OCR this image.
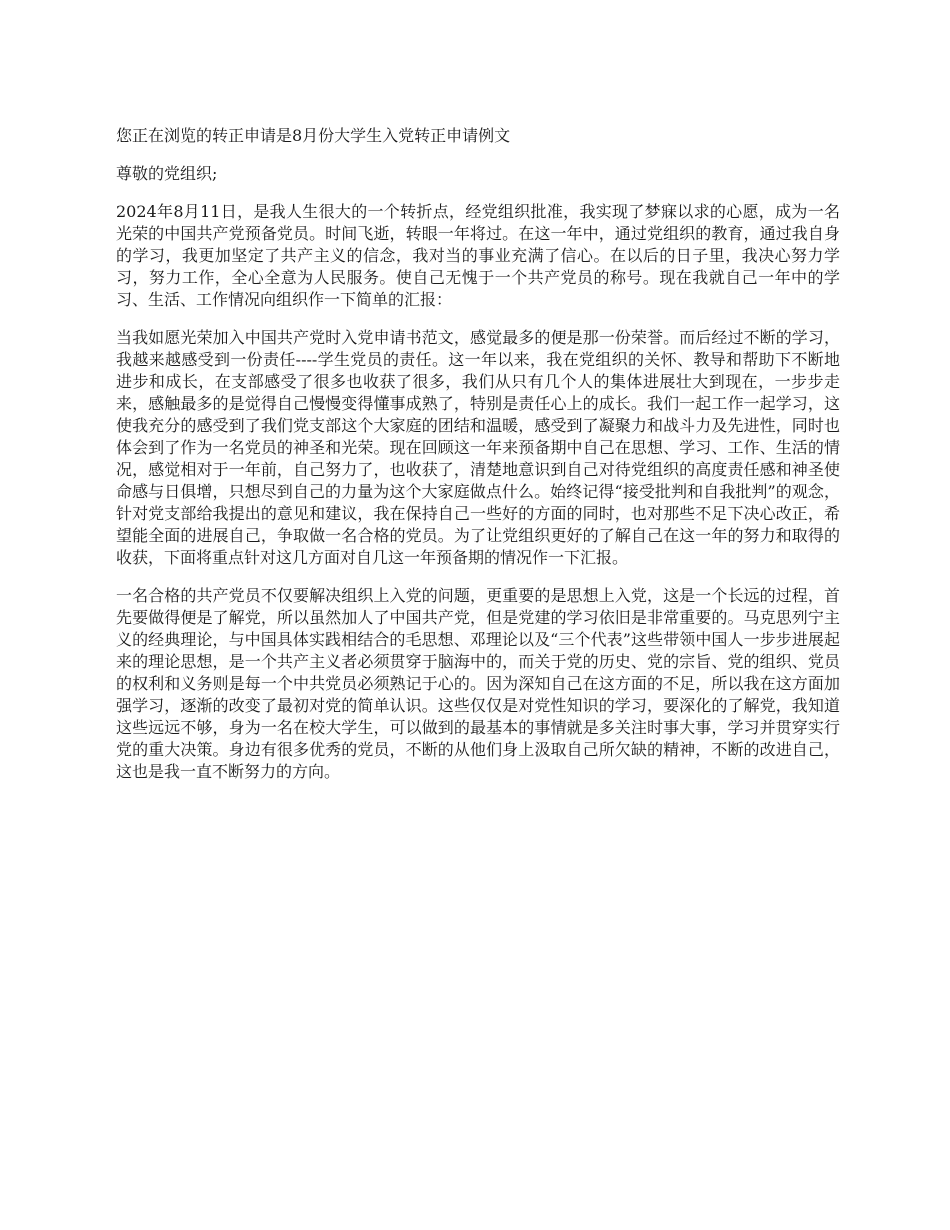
您正在浏览的转正申请是8月份大学生入党转正申请例文

尊敬的党组织;

2024年8月11日，是我人生很大的一个转折点，经党组织批准，我实现了梦寐以求的心愿，成为一名光荣的中国共产党预备党员。时间飞逝，转眼一年将过。在这一年中，通过党组织的教育，通过我自身的学习，我更加坚定了共产主义的信念，我对当的事业充满了信心。在以后的日子里，我决心努力学习，努力工作，全心全意为人民服务。使自己无愧于一个共产党员的称号。现在我就自己一年中的学习、生活、工作情况向组织作一下简单的汇报：

当我如愿光荣加入中国共产党时入党申请书范文，感觉最多的便是那一份荣誉。而后经过不断的学习，我越来越感受到一份责任----学生党员的责任。这一年以来，我在党组织的关怀、教导和帮助下不断地进步和成长，在支部感受了很多也收获了很多，我们从只有几个人的集体进展壮大到现在，一步步走来，感触最多的是觉得自己慢慢变得懂事成熟了，特别是责任心上的成长。我们一起工作一起学习，这使我充分的感受到了我们党支部这个大家庭的团结和温暖，感受到了凝聚力和战斗力及先进性，同时也体会到了作为一名党员的神圣和光荣。现在回顾这一年来预备期中自己在思想、学习、工作、生活的情况，感觉相对于一年前，自己努力了，也收获了，清楚地意识到自己对待党组织的高度责任感和神圣使命感与日俱增，只想尽到自己的力量为这个大家庭做点什么。始终记得“接受批判和自我批判”的观念，针对党支部给我提出的意见和建议，我在保持自己一些好的方面的同时，也对那些不足下决心改正，希望能全面的进展自己，争取做一名合格的党员。为了让党组织更好的了解自己在这一年的努力和取得的收获，下面将重点针对这几方面对自几这一年预备期的情况作一下汇报。

一名合格的共产党员不仅要解决组织上入党的问题，更重要的是思想上入党，这是一个长远的过程，首先要做得便是了解党，所以虽然加人了中国共产党，但是党建的学习依旧是非常重要的。马克思列宁主义的经典理论，与中国具体实践相结合的毛思想、邓理论以及“三个代表”这些带领中国人一步步进展起来的理论思想，是一个共产主义者必须贯穿于脑海中的，而关于党的历史、党的宗旨、党的组织、党员的权利和义务则是每一个中共党员必须熟记于心的。因为深知自己在这方面的不足，所以我在这方面加强学习，逐渐的改变了最初对党的简单认识。这些仅仅是对党性知识的学习，要深化的了解党，我知道这些远远不够，身为一名在校大学生，可以做到的最基本的事情就是多关注时事大事，学习并贯穿实行党的重大决策。身边有很多优秀的党员，不断的从他们身上汲取自己所欠缺的精神，不断的改进自己，这也是我一直不断努力的方向。
